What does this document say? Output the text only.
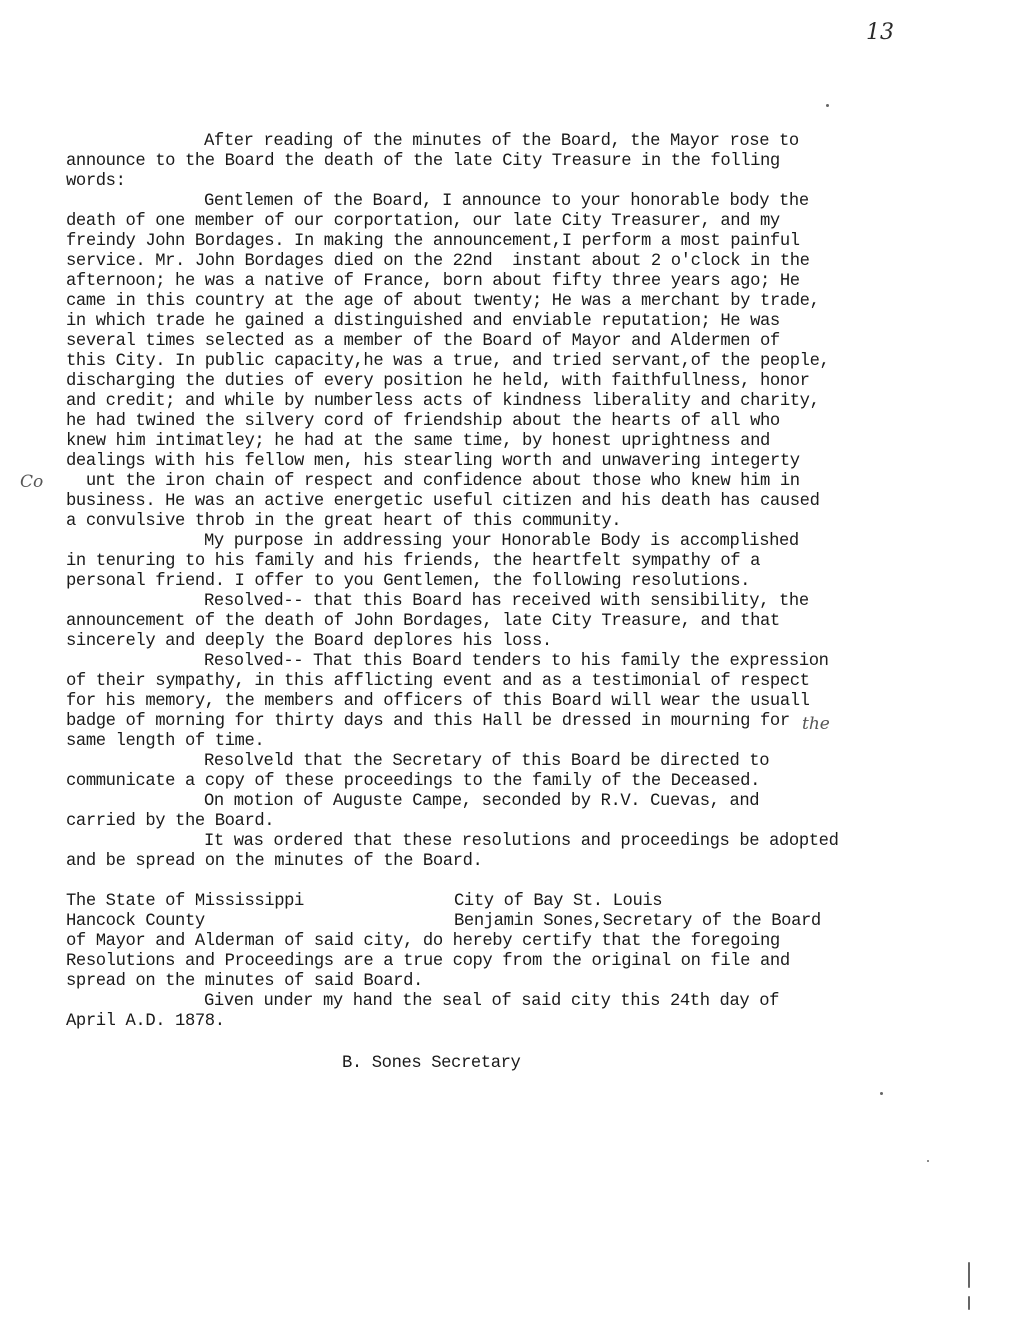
13
After reading of the minutes of the Board, the Mayor rose to
announce to the Board the death of the late City Treasure in the folling
words:
Gentlemen of the Board, I announce to your honorable body the
death of one member of our corportation, our late City Treasurer, and my
freindy John Bordages. In making the announcement,I perform a most painful
service. Mr. John Bordages died on the 22nd  instant about 2 o'clock in the
afternoon; he was a native of France, born about fifty three years ago; He
came in this country at the age of about twenty; He was a merchant by trade,
in which trade he gained a distinguished and enviable reputation; He was
several times selected as a member of the Board of Mayor and Aldermen of
this City. In public capacity,he was a true, and tried servant,of the people,
discharging the duties of every position he held, with faithfullness, honor
and credit; and while by numberless acts of kindness liberality and charity,
he had twined the silvery cord of friendship about the hearts of all who
knew him intimatley; he had at the same time, by honest uprightness and
dealings with his fellow men, his stearling worth and unwavering integerty
unt the iron chain of respect and confidence about those who knew him in
business. He was an active energetic useful citizen and his death has caused
a convulsive throb in the great heart of this community.
My purpose in addressing your Honorable Body is accomplished
in tenuring to his family and his friends, the heartfelt sympathy of a
personal friend. I offer to you Gentlemen, the following resolutions.
Resolved-- that this Board has received with sensibility, the
announcement of the death of John Bordages, late City Treasure, and that
sincerely and deeply the Board deplores his loss.
Resolved-- That this Board tenders to his family the expression
of their sympathy, in this afflicting event and as a testimonial of respect
for his memory, the members and officers of this Board will wear the usuall
badge of morning for thirty days and this Hall be dressed in mourning for
same length of time.
Resolveld that the Secretary of this Board be directed to
communicate a copy of these proceedings to the family of the Deceased.
On motion of Auguste Campe, seconded by R.V. Cuevas, and
carried by the Board.
It was ordered that these resolutions and proceedings be adopted
and be spread on the minutes of the Board.
Co
the
The State of Mississippi	City of Bay St. Louis
Hancock County	Benjamin Sones,Secretary of the Board
of Mayor and Alderman of said city, do hereby certify that the foregoing
Resolutions and Proceedings are a true copy from the original on file and
spread on the minutes of said Board.
Given under my hand the seal of said city this 24th day of
April A.D. 1878.
B. Sones Secretary
